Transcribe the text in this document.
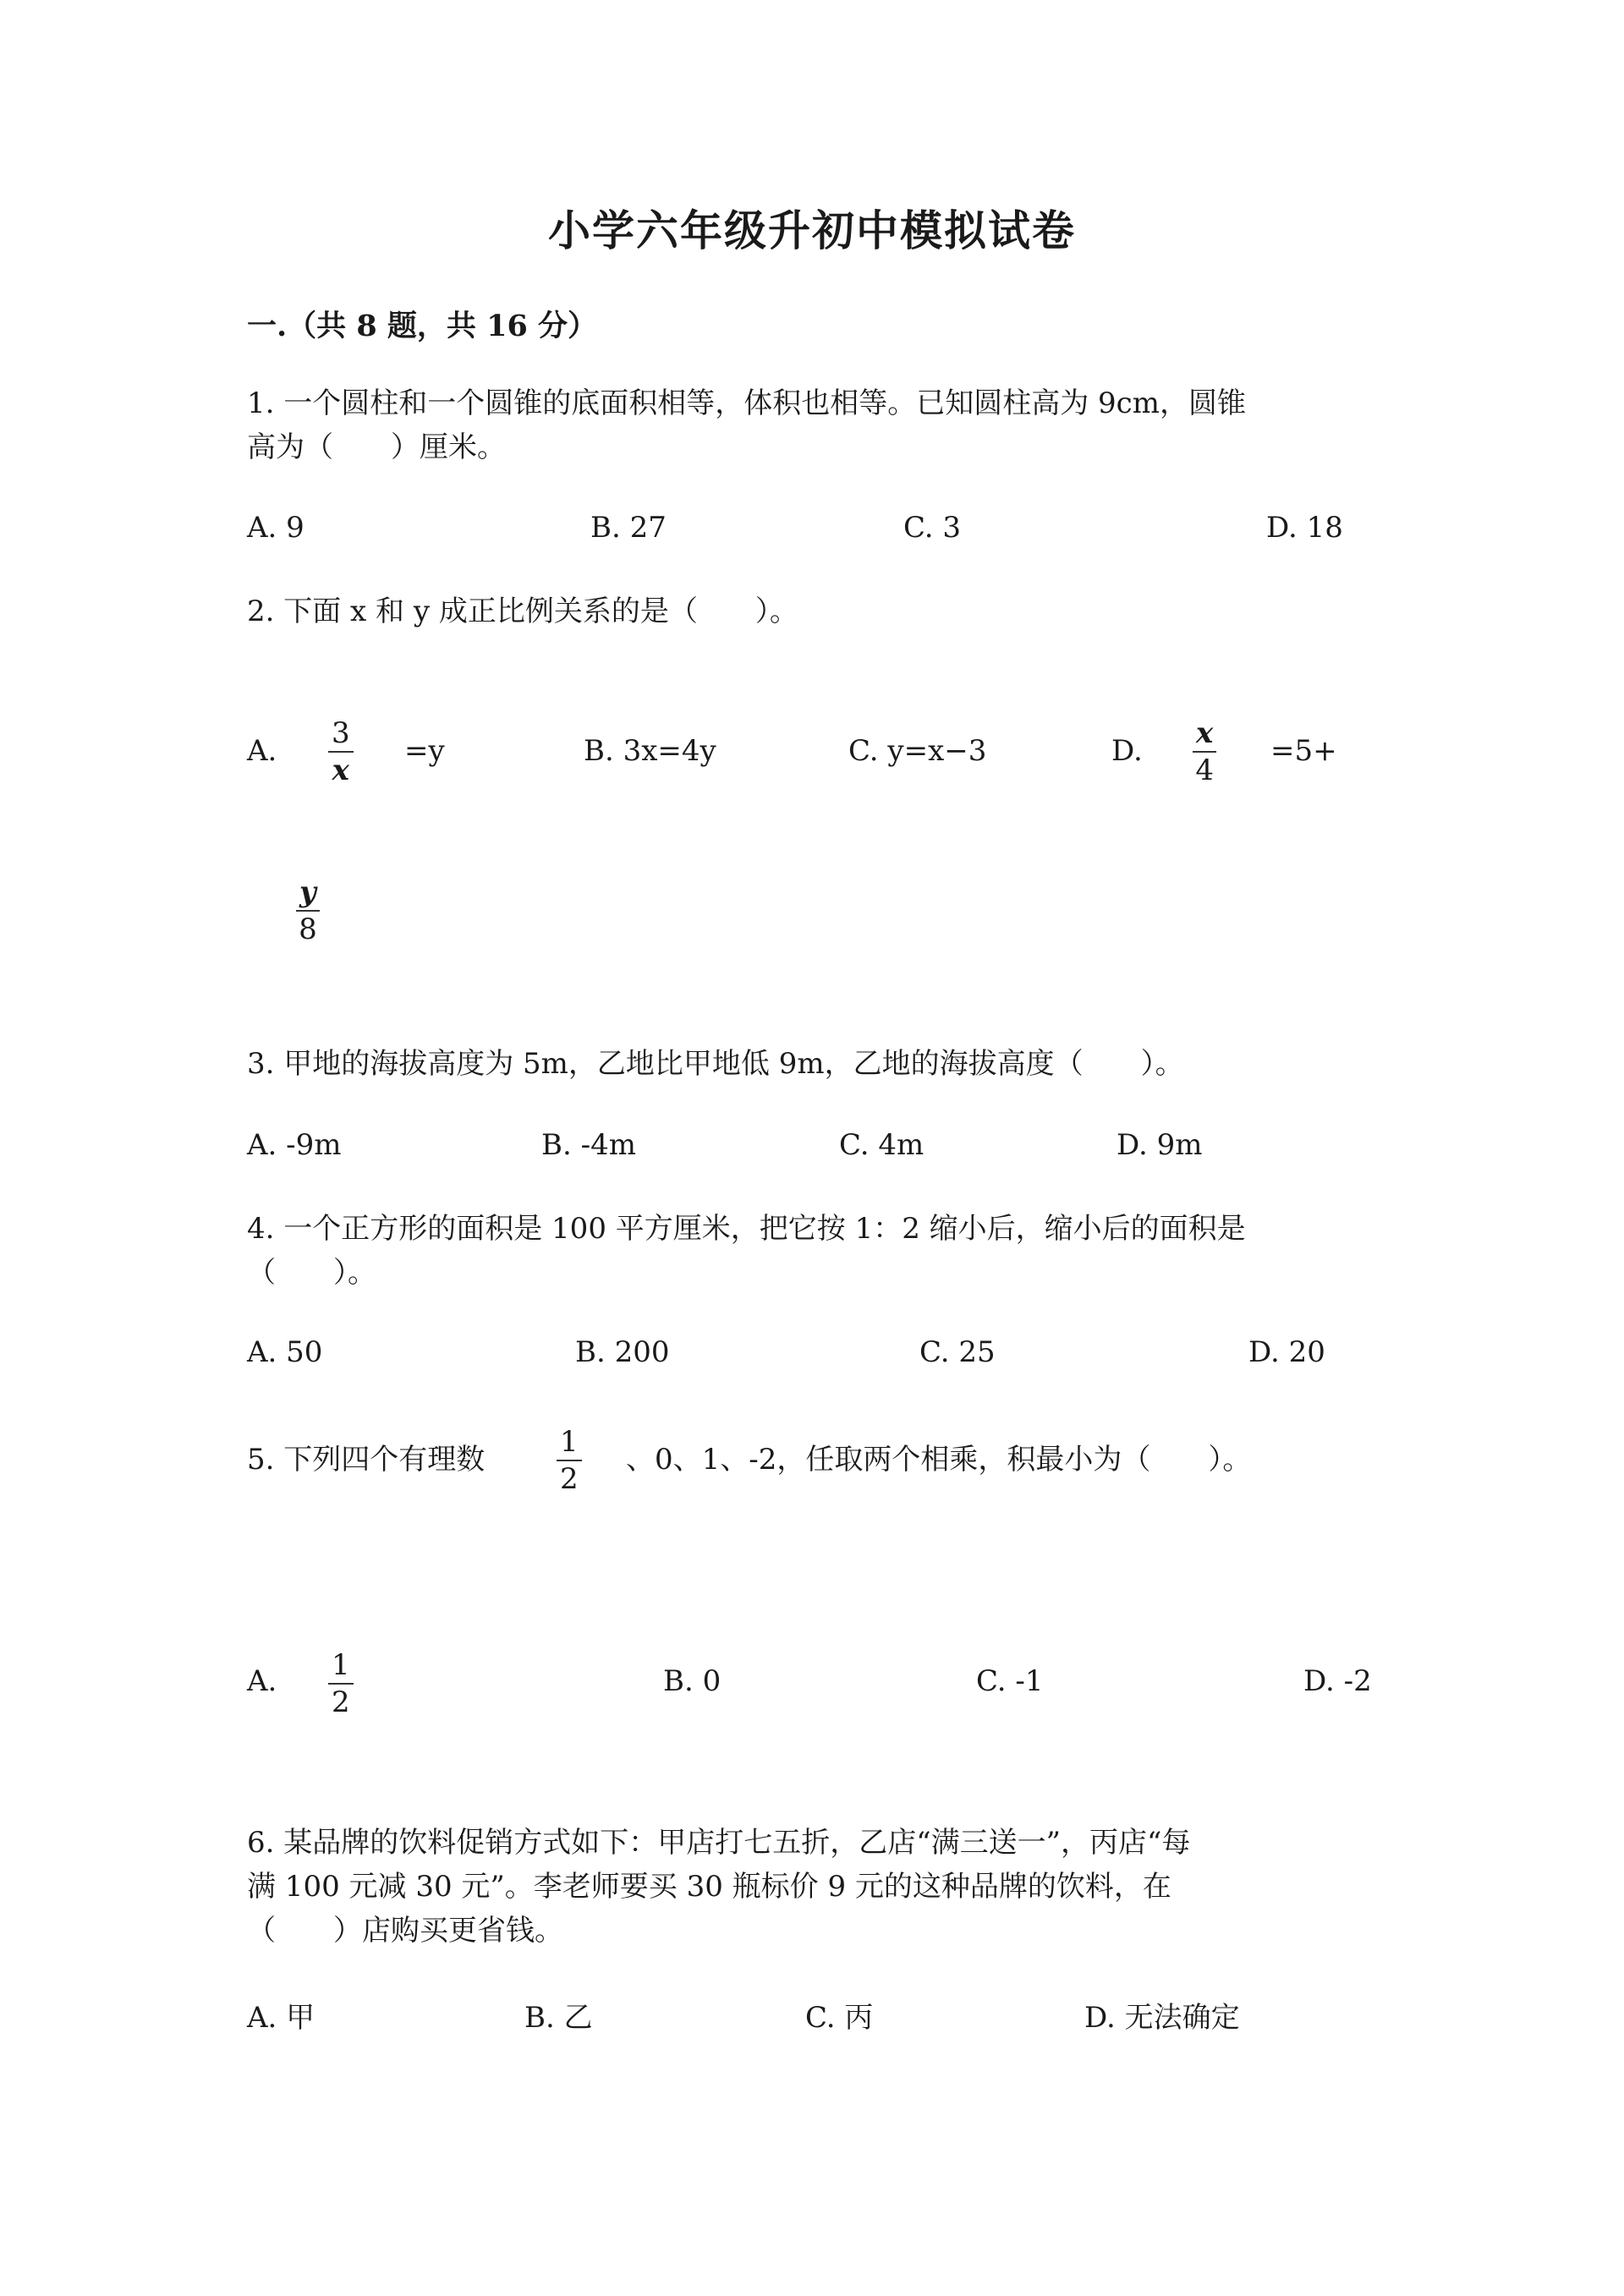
小学六年级升初中模拟试卷
一.（共 8 题，共 16 分）
1. 一个圆柱和一个圆锥的底面积相等，体积也相等。已知圆柱高为 9cm，圆锥
高为（　　）厘米。
A. 9	B. 27	C. 3	D. 18
2. 下面 x 和 y 成正比例关系的是（　　）。
A.
3
x
=y	B. 3x=4y	C. y=x−3	D.
x
4
=5+
y
8
3. 甲地的海拔高度为 5m，乙地比甲地低 9m，乙地的海拔高度（　　）。
A. -9m	B. -4m	C. 4m	D. 9m
4. 一个正方形的面积是 100 平方厘米，把它按 1：2 缩小后，缩小后的面积是
（　　）。
A. 50	B. 200	C. 25	D. 20
5. 下列四个有理数
1
2
、0、1、-2，任取两个相乘，积最小为（　　）。
A. 1
2
B. 0	C. -1	D. -2
6. 某品牌的饮料促销方式如下：甲店打七五折，乙店“满三送一”，丙店“每
满 100 元减 30 元”。李老师要买 30 瓶标价 9 元的这种品牌的饮料，在
（　　）店购买更省钱。
A. 甲	B. 乙	C. 丙	D. 无法确定
